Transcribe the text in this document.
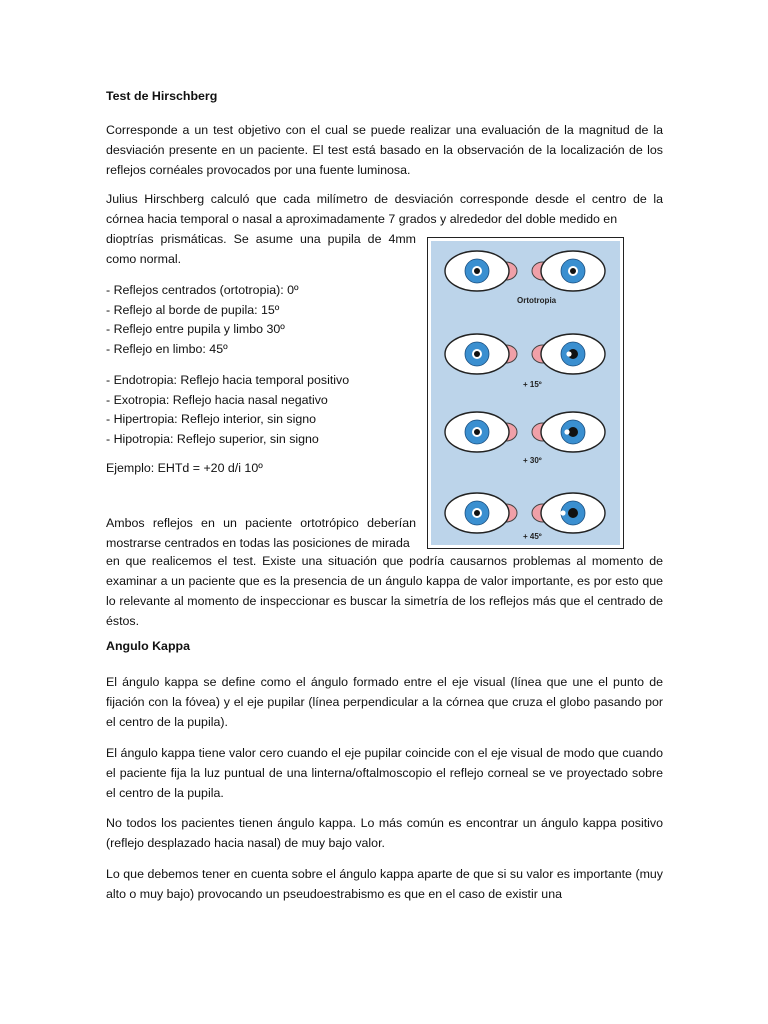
Test de Hirschberg

Corresponde a un test objetivo con el cual se puede realizar una evaluación de la magnitud de la desviación presente en un paciente. El test está basado en la observación de la localización de los reflejos cornéales provocados por una fuente luminosa.

Julius Hirschberg calculó que cada milímetro de desviación corresponde desde el centro de la córnea hacia temporal o nasal a aproximadamente 7 grados y alrededor del doble medido en

dioptrías prismáticas. Se asume una pupila de 4mm como normal.

- Reflejos centrados (ortotropia): 0º
- Reflejo al borde de pupila: 15º
- Reflejo entre pupila y limbo 30º
- Reflejo en limbo: 45º
- Endotropia: Reflejo hacia temporal positivo
- Exotropia: Reflejo hacia nasal negativo
- Hipertropia: Reflejo interior, sin signo
- Hipotropia: Reflejo superior, sin signo

Ejemplo: EHTd = +20 d/i 10º

Ambos reflejos en un paciente ortotrópico deberían mostrarse centrados en todas las posiciones de mirada

en que realicemos el test. Existe una situación que podría causarnos problemas al momento de examinar a un paciente que es la presencia de un ángulo kappa de valor importante, es por esto que lo relevante al momento de inspeccionar es buscar la simetría de los reflejos más que el centrado de éstos.

Angulo Kappa

El ángulo kappa se define como el ángulo formado entre el eje visual (línea que une el punto de fijación con la fóvea) y el eje pupilar (línea perpendicular a la córnea que cruza el globo pasando por el centro de la pupila).

El ángulo kappa tiene valor cero cuando el eje pupilar coincide con el eje visual de modo que cuando el paciente fija la luz puntual de una linterna/oftalmoscopio el reflejo corneal se ve proyectado sobre el centro de la pupila.

No todos los pacientes tienen ángulo kappa. Lo más común es encontrar un ángulo kappa positivo (reflejo desplazado hacia nasal) de muy bajo valor.

Lo que debemos tener en cuenta sobre el ángulo kappa aparte de que si su valor es importante (muy alto o muy bajo) provocando un pseudoestrabismo es que en el caso de existir una

Ortotropia
+ 15º
+ 30º
+ 45º
